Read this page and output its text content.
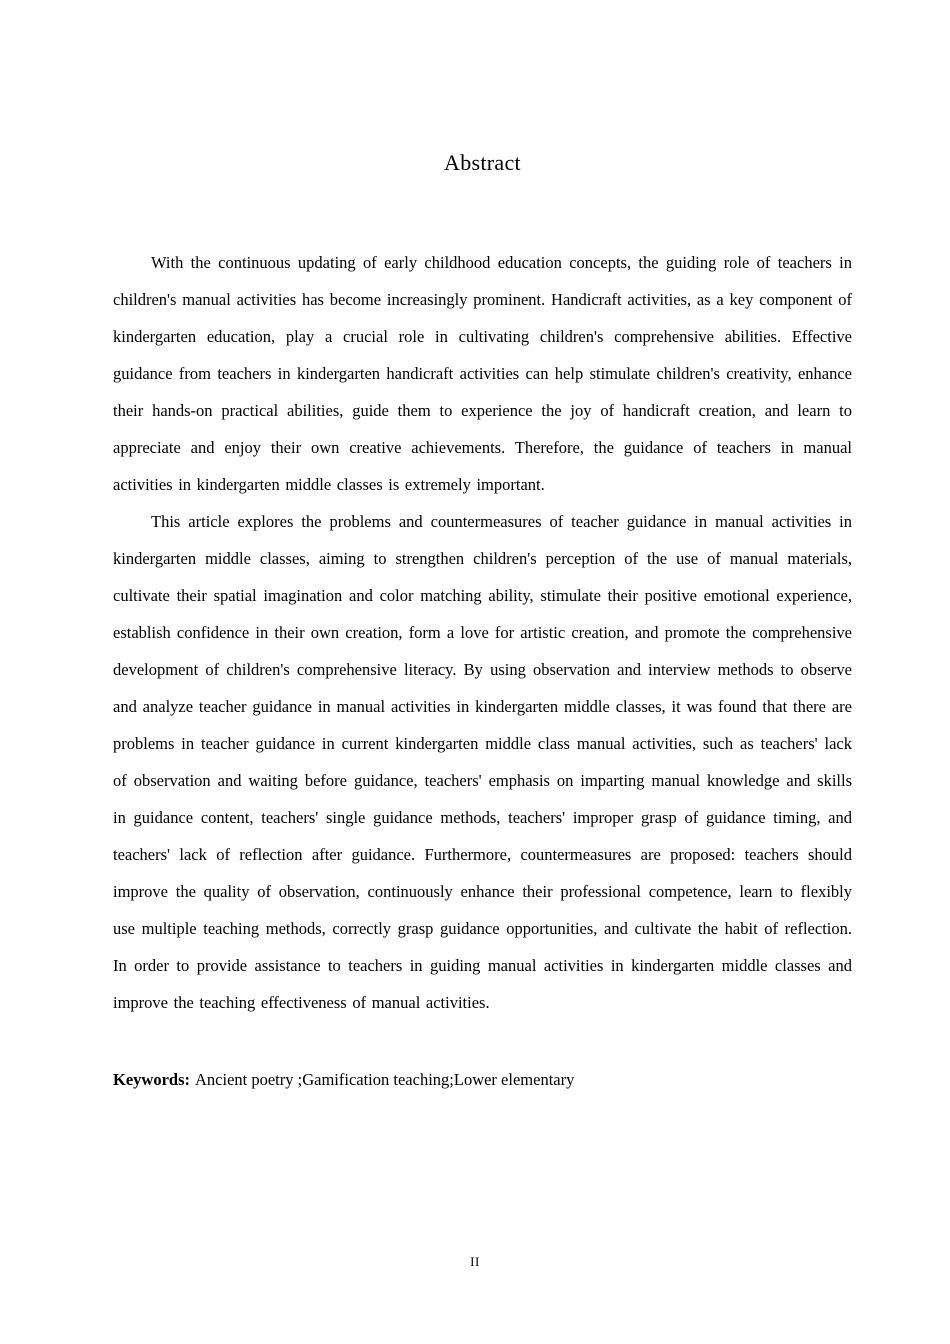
Abstract

With the continuous updating of early childhood education concepts, the guiding role of teachers in children's manual activities has become increasingly prominent. Handicraft activities, as a key component of kindergarten education, play a crucial role in cultivating children's comprehensive abilities. Effective guidance from teachers in kindergarten handicraft activities can help stimulate children's creativity, enhance their hands-on practical abilities, guide them to experience the joy of handicraft creation, and learn to appreciate and enjoy their own creative achievements. Therefore, the guidance of teachers in manual activities in kindergarten middle classes is extremely important.

This article explores the problems and countermeasures of teacher guidance in manual activities in kindergarten middle classes, aiming to strengthen children's perception of the use of manual materials, cultivate their spatial imagination and color matching ability, stimulate their positive emotional experience, establish confidence in their own creation, form a love for artistic creation, and promote the comprehensive development of children's comprehensive literacy. By using observation and interview methods to observe and analyze teacher guidance in manual activities in kindergarten middle classes, it was found that there are problems in teacher guidance in current kindergarten middle class manual activities, such as teachers' lack of observation and waiting before guidance, teachers' emphasis on imparting manual knowledge and skills in guidance content, teachers' single guidance methods, teachers' improper grasp of guidance timing, and teachers' lack of reflection after guidance. Furthermore, countermeasures are proposed: teachers should improve the quality of observation, continuously enhance their professional competence, learn to flexibly use multiple teaching methods, correctly grasp guidance opportunities, and cultivate the habit of reflection. In order to provide assistance to teachers in guiding manual activities in kindergarten middle classes and improve the teaching effectiveness of manual activities.

Keywords: Ancient poetry ;Gamification teaching;Lower elementary
II
